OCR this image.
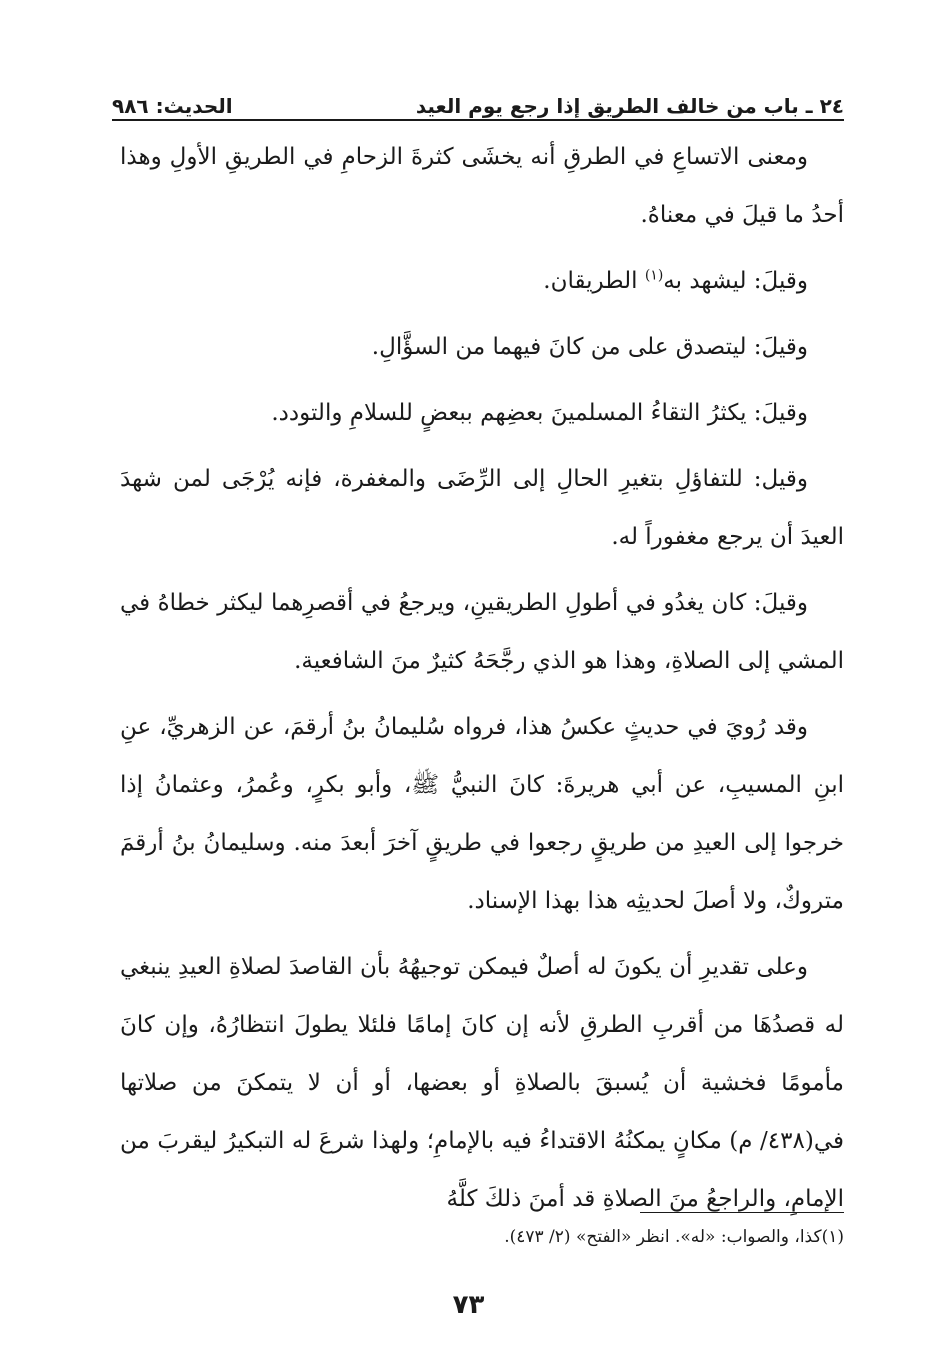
٢٤ ـ باب من خالف الطريق إذا رجع يوم العيد
الحديث: ٩٨٦

ومعنى الاتساعِ في الطرقِ أنه يخشَى كثرةَ الزحامِ في الطريقِ الأولِ وهذا أحدُ ما قيلَ في معناهُ.

وقيلَ: ليشهد به$^{(١)}$ الطريقان.

وقيلَ: ليتصدق على من كانَ فيهما من السؤَّالِ.

وقيلَ: يكثرُ التقاءُ المسلمينَ بعضِهم ببعضٍ للسلامِ والتودد.

وقيل: للتفاؤلِ بتغيرِ الحالِ إلى الرِّضَى والمغفرة، فإنه يُرْجَى لمن شهدَ العيدَ أن يرجع مغفوراً له.

وقيلَ: كان يغدُو في أطولِ الطريقينِ، ويرجعُ في أقصرِهما ليكثر خطاهُ في المشي إلى الصلاةِ، وهذا هو الذي رجَّحَهُ كثيرٌ منَ الشافعية.

وقد رُويَ في حديثٍ عكسُ هذا، فرواه سُليمانُ بنُ أرقمَ، عن الزهريِّ، عنِ ابنِ المسيبِ، عن أبي هريرةَ: كانَ النبيُّ ﷺ، وأبو بكرٍ، وعُمرُ، وعثمانُ إذا خرجوا إلى العيدِ من طريقٍ رجعوا في طريقٍ آخرَ أبعدَ منه. وسليمانُ بنُ أرقمَ متروكٌ، ولا أصلَ لحديثِه هذا بهذا الإسناد.

وعلى تقديرِ أن يكونَ له أصلٌ فيمكن توجيهُهُ بأن القاصدَ لصلاةِ العيدِ ينبغي له قصدُهَا من أقربِ الطرقِ لأنه إن كانَ إمامًا فلئلا يطولَ انتظارُهُ، وإن كانَ مأمومًا فخشية أن يُسبقَ بالصلاةِ أو بعضها، أو أن لا يتمكنَ من صلاتها في(٤٣٨/ م) مكانٍ يمكنُهُ الاقتداءُ فيه بالإمامِ؛ ولهذا شرعَ له التبكيرُ ليقربَ من الإمامِ، والراجعُ منَ الصلاةِ قد أمنَ ذلكَ كلَّهُ

(١)كذا، والصواب: «له». انظر «الفتح» (٢/ ٤٧٣).
٧٣
